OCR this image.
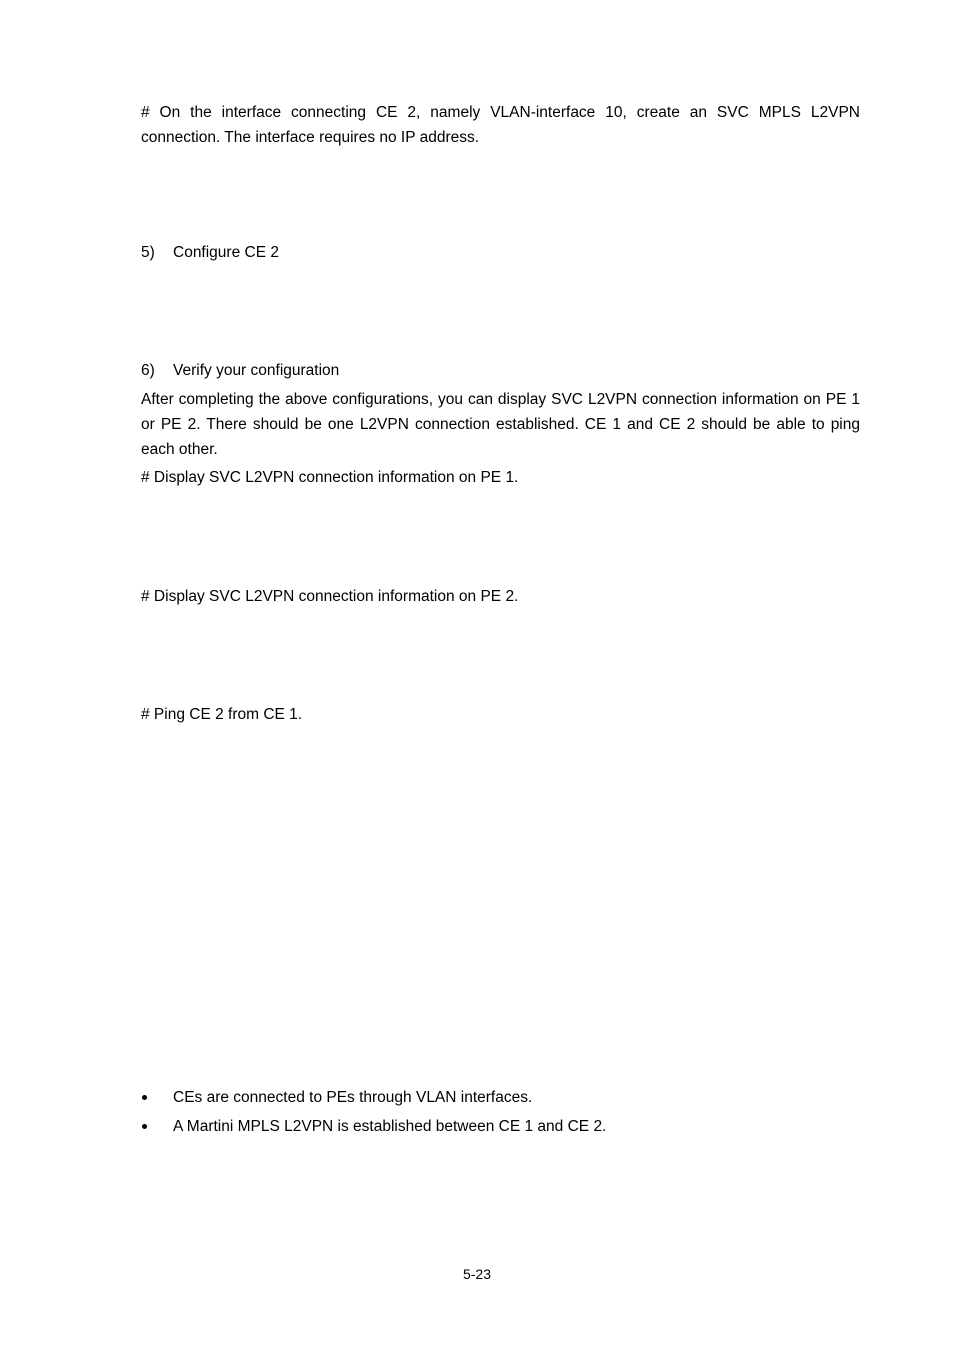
# On the interface connecting CE 2, namely VLAN-interface 10, create an SVC MPLS L2VPN connection. The interface requires no IP address.

5) Configure CE 2
6) Verify your configuration

After completing the above configurations, you can display SVC L2VPN connection information on PE 1 or PE 2. There should be one L2VPN connection established. CE 1 and CE 2 should be able to ping each other.

# Display SVC L2VPN connection information on PE 1.

# Display SVC L2VPN connection information on PE 2.

# Ping CE 2 from CE 1.

CEs are connected to PEs through VLAN interfaces.
A Martini MPLS L2VPN is established between CE 1 and CE 2.
5-23
